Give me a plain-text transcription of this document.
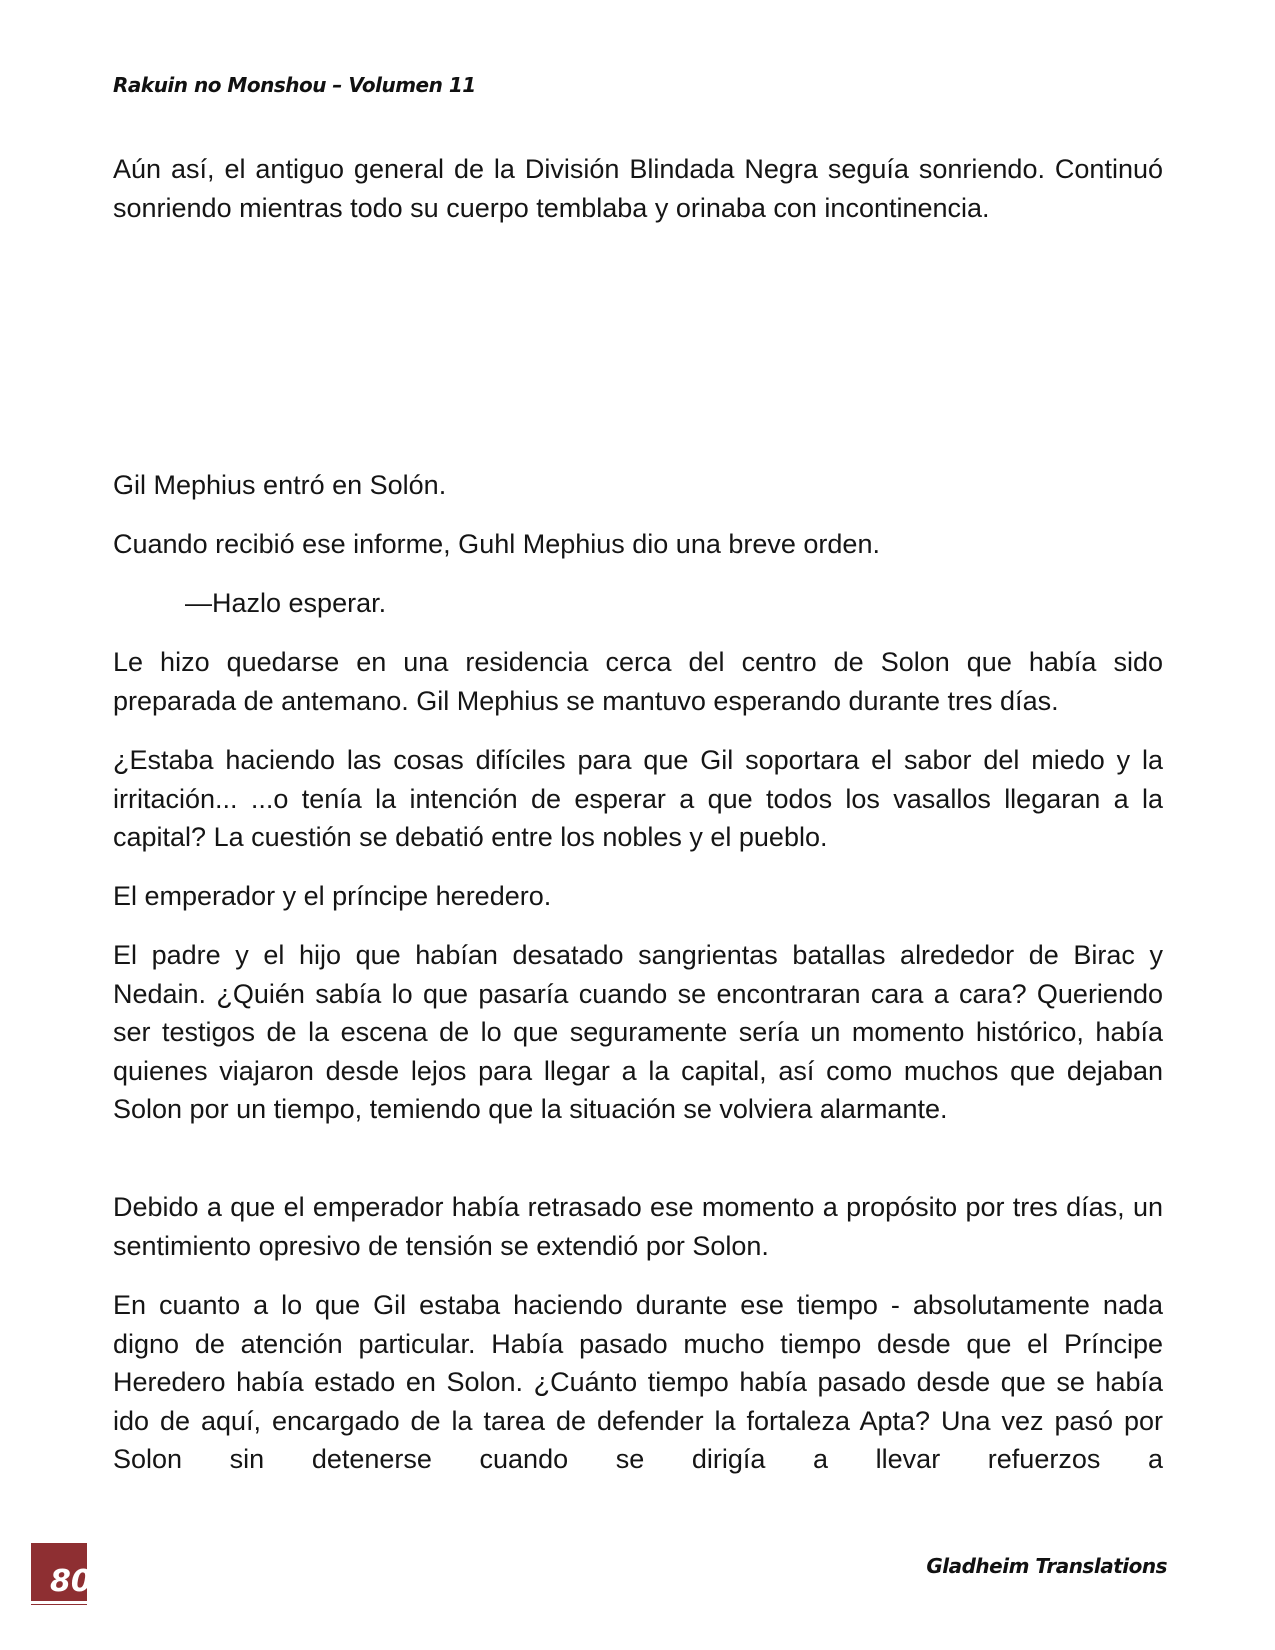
Rakuin no Monshou – Volumen 11

Aún así, el antiguo general de la División Blindada Negra seguía sonriendo. Continuó sonriendo mientras todo su cuerpo temblaba y orinaba con incontinencia.

Gil Mephius entró en Solón.

Cuando recibió ese informe, Guhl Mephius dio una breve orden.

—Hazlo esperar.

Le hizo quedarse en una residencia cerca del centro de Solon que había sido preparada de antemano. Gil Mephius se mantuvo esperando durante tres días.

¿Estaba haciendo las cosas difíciles para que Gil soportara el sabor del miedo y la irritación... ...o tenía la intención de esperar a que todos los vasallos llegaran a la capital? La cuestión se debatió entre los nobles y el pueblo.

El emperador y el príncipe heredero.

El padre y el hijo que habían desatado sangrientas batallas alrededor de Birac y Nedain. ¿Quién sabía lo que pasaría cuando se encontraran cara a cara? Queriendo ser testigos de la escena de lo que seguramente sería un momento histórico, había quienes viajaron desde lejos para llegar a la capital, así como muchos que dejaban Solon por un tiempo, temiendo que la situación se volviera alarmante.

Debido a que el emperador había retrasado ese momento a propósito por tres días, un sentimiento opresivo de tensión se extendió por Solon.

En cuanto a lo que Gil estaba haciendo durante ese tiempo - absolutamente nada digno de atención particular. Había pasado mucho tiempo desde que el Príncipe Heredero había estado en Solon. ¿Cuánto tiempo había pasado desde que se había ido de aquí, encargado de la tarea de defender la fortaleza Apta? Una vez pasó por Solon sin detenerse cuando se dirigía a llevar refuerzos a

80	Gladheim Translations
